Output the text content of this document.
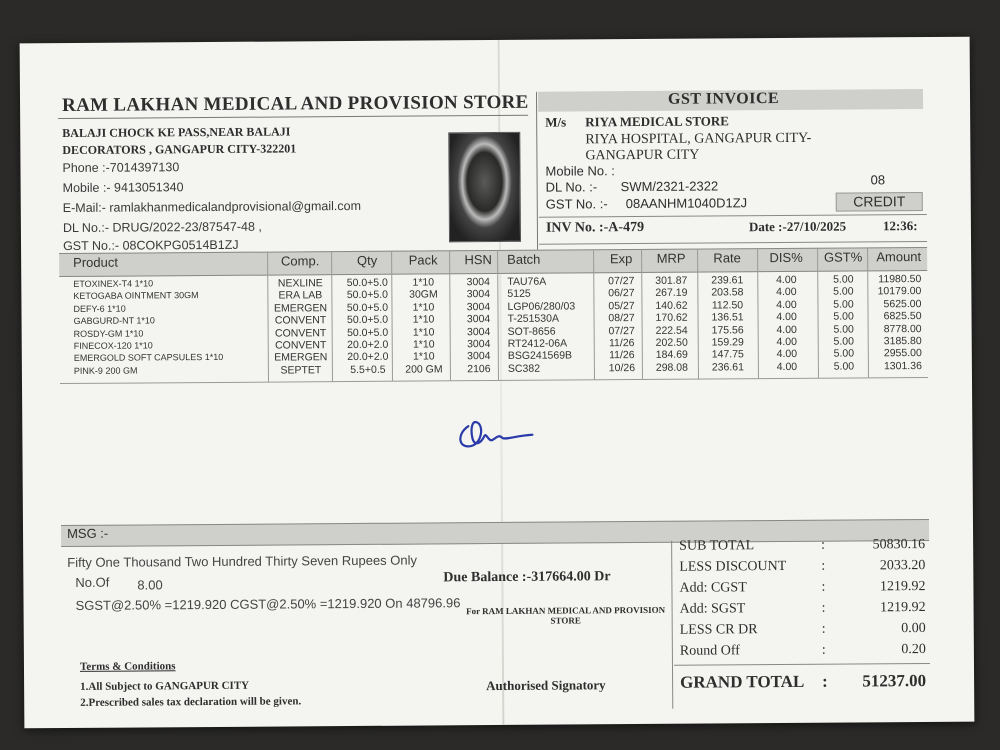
RAM LAKHAN MEDICAL AND PROVISION STORE
BALAJI CHOCK KE PASS,NEAR BALAJI
DECORATORS , GANGAPUR CITY-322201
Phone :-7014397130
Mobile :- 9413051340
E-Mail:- ramlakhanmedicalandprovisional@gmail.com
DL No.:- DRUG/2022-23/87547-48 ,
GST No.:- 08COKPG0514B1ZJ
GST INVOICE
M/s RIYA MEDICAL STORE
RIYA HOSPITAL, GANGAPUR CITY-
GANGAPUR CITY
Mobile No. :
DL No. :- SWM/2321-2322	08
GST No. :- 08AANHM1040D1ZJ	CREDIT
INV No. :-A-479	Date :-27/10/2025	12:36:
Product	Comp.	Qty	Pack	HSN	Batch	Exp	MRP	Rate	DIS%	GST%	Amount
ETOXINEX-T4 1*10	NEXLINE	50.0+5.0	1*10	3004	TAU76A	07/27	301.87	239.61	4.00	5.00	11980.50
KETOGABA OINTMENT 30GM	ERA LAB	50.0+5.0	30GM	3004	5125	06/27	267.19	203.58	4.00	5.00	10179.00
DEFY-6 1*10	EMERGEN	50.0+5.0	1*10	3004	LGP06/280/03	05/27	140.62	112.50	4.00	5.00	5625.00
GABGURD-NT 1*10	CONVENT	50.0+5.0	1*10	3004	T-251530A	08/27	170.62	136.51	4.00	5.00	6825.50
ROSDY-GM 1*10	CONVENT	50.0+5.0	1*10	3004	SOT-8656	07/27	222.54	175.56	4.00	5.00	8778.00
FINECOX-120 1*10	CONVENT	20.0+2.0	1*10	3004	RT2412-06A	11/26	202.50	159.29	4.00	5.00	3185.80
EMERGOLD SOFT CAPSULES 1*10	EMERGEN	20.0+2.0	1*10	3004	BSG241569B	11/26	184.69	147.75	4.00	5.00	2955.00
PINK-9 200 GM	SEPTET	5.5+0.5	200 GM	2106	SC382	10/26	298.08	236.61	4.00	5.00	1301.36
MSG :-
Fifty One Thousand Two Hundred Thirty Seven Rupees Only
No.Of 8.00
SGST@2.50% =1219.920 CGST@2.50% =1219.920 On 48796.96
Due Balance :-317664.00 Dr
For RAM LAKHAN MEDICAL AND PROVISION STORE
Authorised Signatory
Terms & Conditions
1.All Subject to GANGAPUR CITY
2.Prescribed sales tax declaration will be given.
SUB TOTAL	:	50830.16
LESS DISCOUNT :	2033.20
Add: CGST	:	1219.92
Add: SGST	:	1219.92
LESS CR DR	:	0.00
Round Off	:	0.20
GRAND TOTAL : 51237.00
